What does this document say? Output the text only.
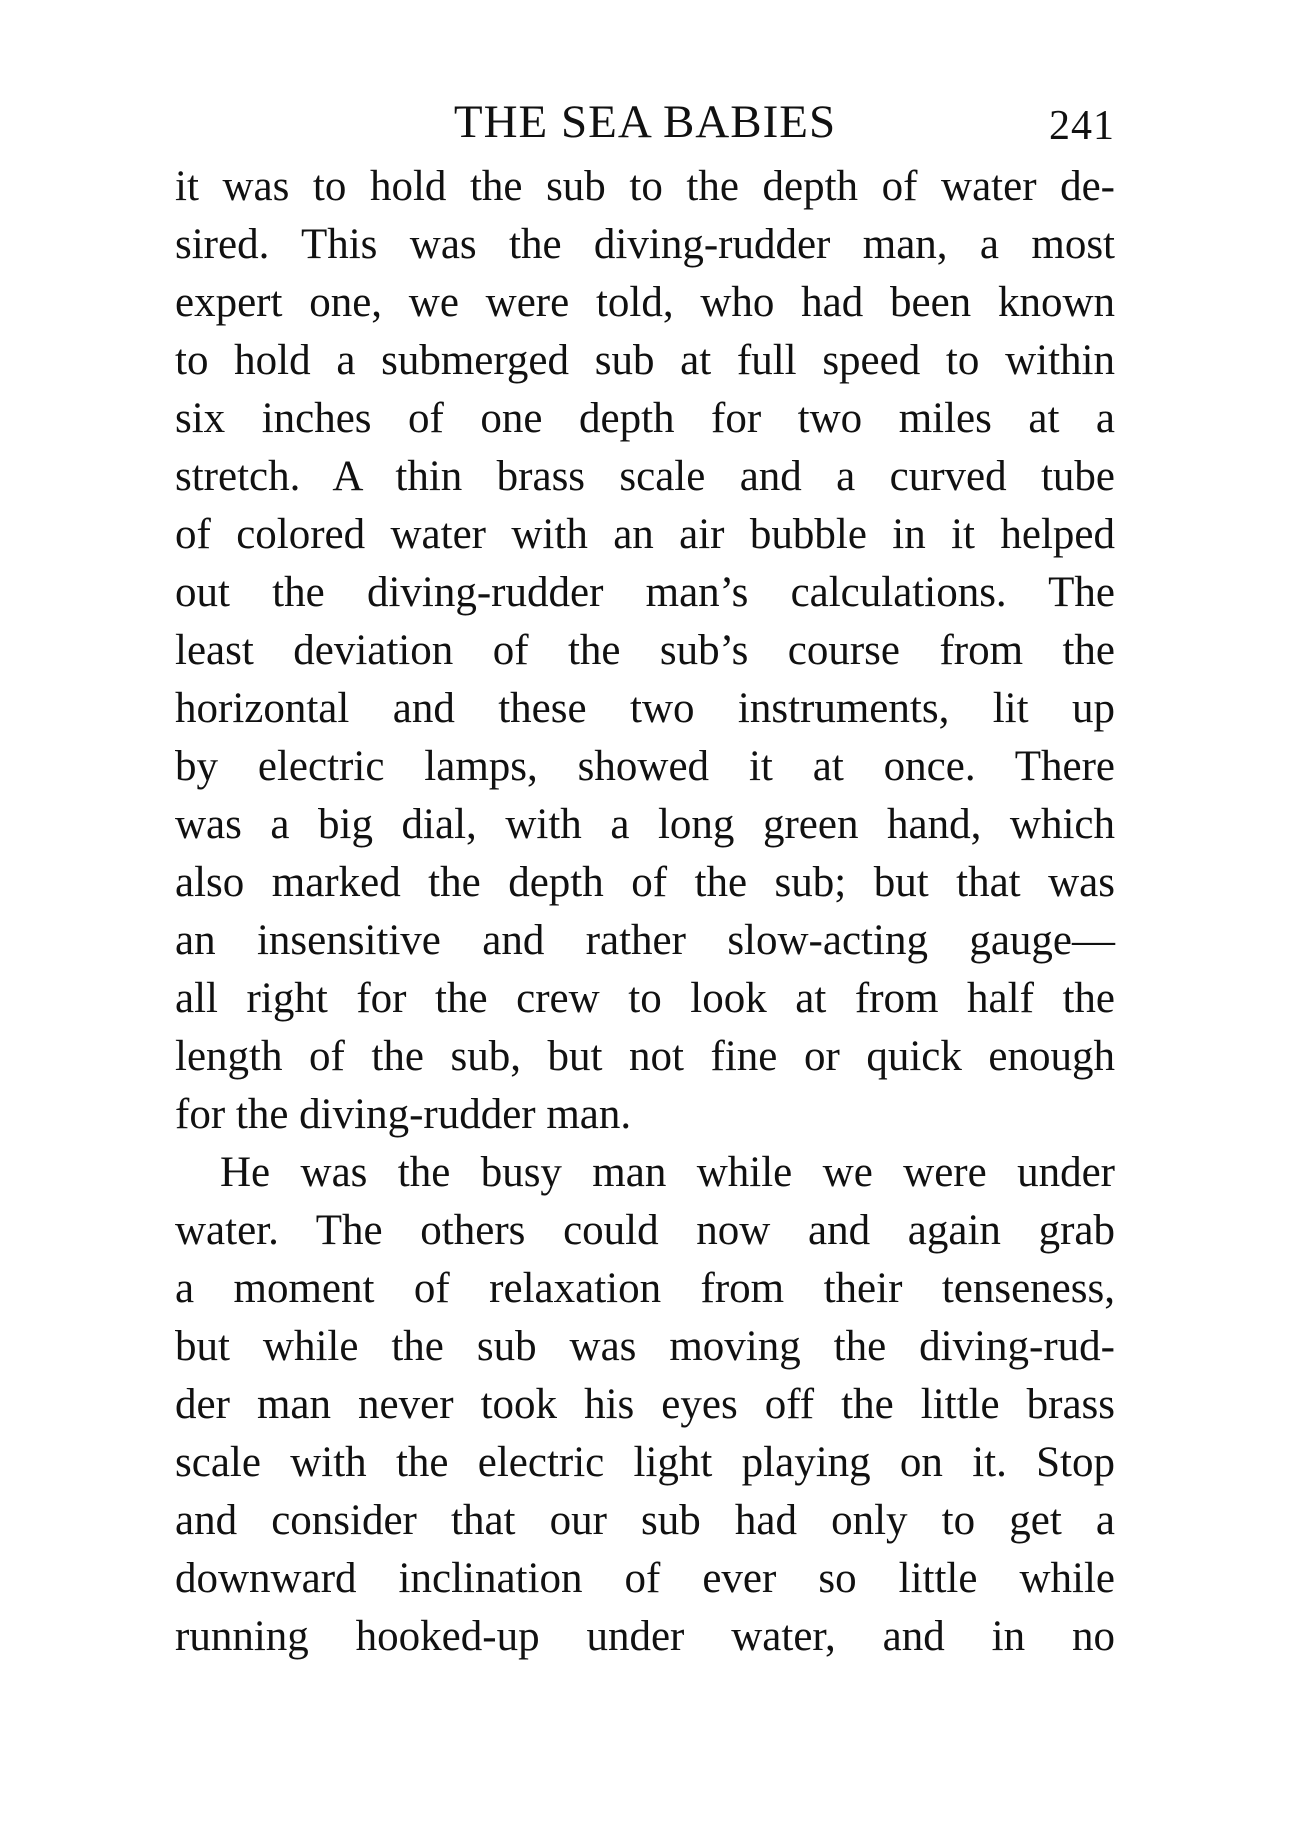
THE SEA BABIES	241
it was to hold the sub to the depth of water de-
sired. This was the diving-rudder man, a most
expert one, we were told, who had been known
to hold a submerged sub at full speed to within
six inches of one depth for two miles at a
stretch. A thin brass scale and a curved tube
of colored water with an air bubble in it helped
out the diving-rudder man’s calculations. The
least deviation of the sub’s course from the
horizontal and these two instruments, lit up
by electric lamps, showed it at once. There
was a big dial, with a long green hand, which
also marked the depth of the sub; but that was
an insensitive and rather slow-acting gauge—
all right for the crew to look at from half the
length of the sub, but not fine or quick enough
for the diving-rudder man.
He was the busy man while we were under
water. The others could now and again grab
a moment of relaxation from their tenseness,
but while the sub was moving the diving-rud-
der man never took his eyes off the little brass
scale with the electric light playing on it. Stop
and consider that our sub had only to get a
downward inclination of ever so little while
running hooked-up under water, and in no
